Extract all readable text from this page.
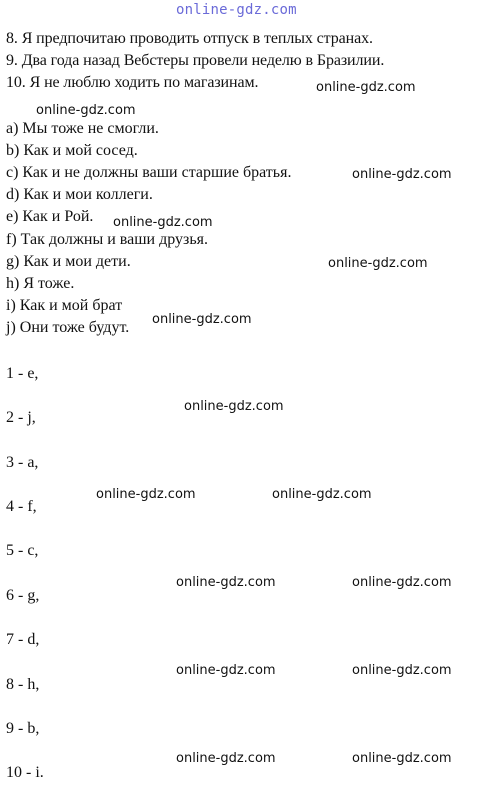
online-gdz.com
8. Я предпочитаю проводить отпуск в теплых странах.
9. Два года назад Вебстеры провели неделю в Бразилии.
10. Я не люблю ходить по магазинам.
a) Мы тоже не смогли.
b) Как и мой сосед.
c) Как и не должны ваши старшие братья.
d) Как и мои коллеги.
e) Как и Рой.
f) Так должны и ваши друзья.
g) Как и мои дети.
h) Я тоже.
i) Как и мой брат
j) Они тоже будут.
1 - e,
2 - j,
3 - a,
4 - f,
5 - c,
6 - g,
7 - d,
8 - h,
9 - b,
10 - i.
online-gdz.com
online-gdz.com
online-gdz.com
online-gdz.com
online-gdz.com
online-gdz.com
online-gdz.com
online-gdz.com	online-gdz.com
online-gdz.com	online-gdz.com
online-gdz.com	online-gdz.com
online-gdz.com	online-gdz.com
